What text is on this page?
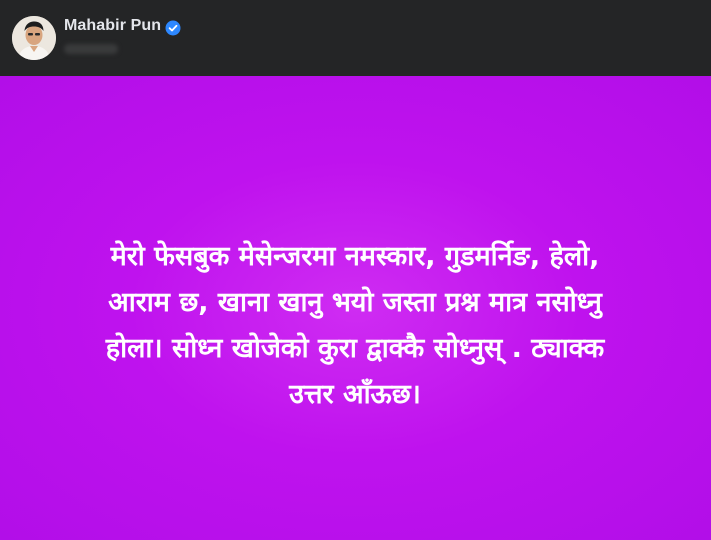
Mahabir Pun
मेरो फेसबुक मेसेन्जरमा नमस्कार, गुडमर्निङ, हेलो,
आराम छ, खाना खानु भयो जस्ता प्रश्न मात्र नसोध्नु
होला। सोध्न खोजेको कुरा द्वाक्कै सोध्नुस् . ठ्याक्क
उत्तर आँऊछ।
